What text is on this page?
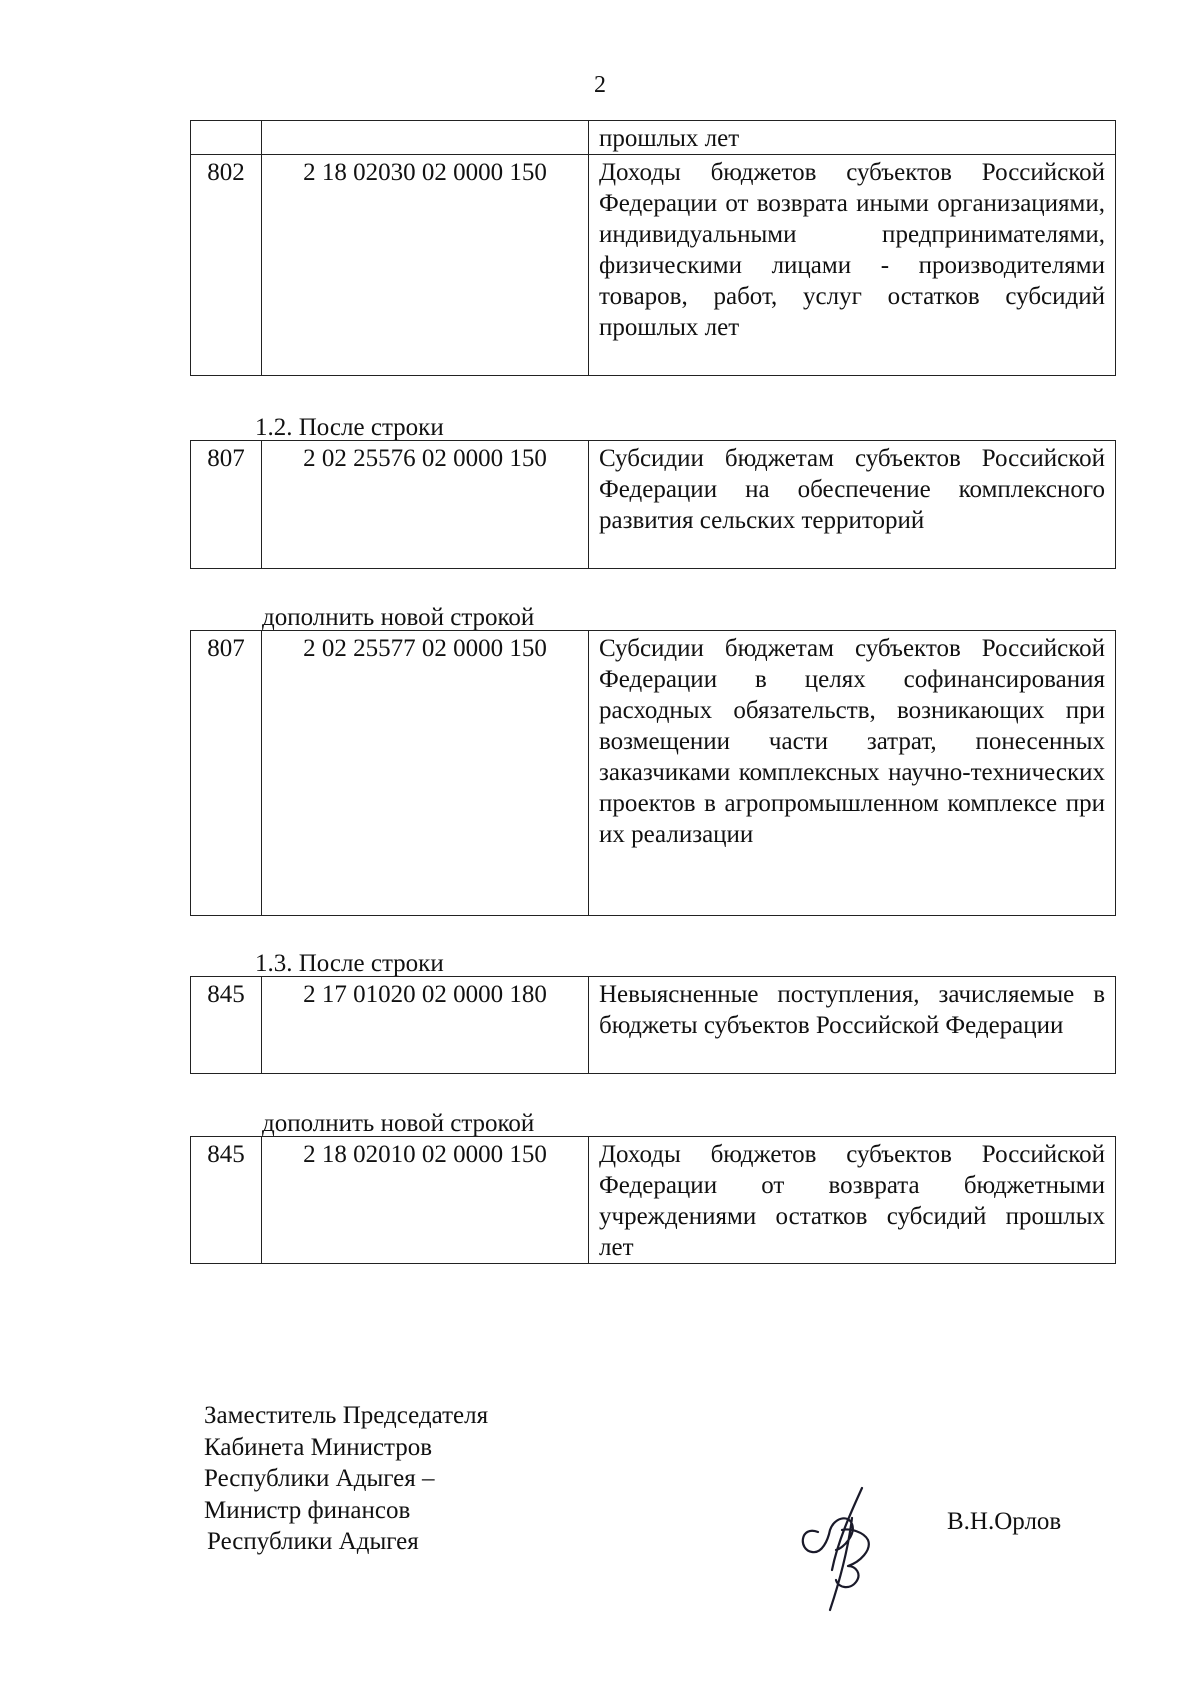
2

		прошлых лет

802	2 18 02030 02 0000 150	Доходы бюджетов субъектов Российской Федерации от возврата иными организациями, индивидуальными предпринимателями, физическими лицами - производителями товаров, работ, услуг остатков субсидий прошлых лет
1.2. После строки
807	2 02 25576 02 0000 150	Субсидии бюджетам субъектов Российской Федерации на обеспечение комплексного развития сельских территорий
дополнить новой строкой
807	2 02 25577 02 0000 150	Субсидии бюджетам субъектов Российской Федерации в целях софинансирования расходных обязательств, возникающих при возмещении части затрат, понесенных заказчиками комплексных научно-технических проектов в агропромышленном комплексе при их реализации
1.3. После строки
845	2 17 01020 02 0000 180	Невыясненные поступления, зачисляемые в бюджеты субъектов Российской Федерации
дополнить новой строкой
845	2 18 02010 02 0000 150	Доходы бюджетов субъектов Российской Федерации от возврата бюджетными учреждениями остатков субсидий прошлых лет
Заместитель Председателя
Кабинета Министров
Республики Адыгея –
Министр финансов
Республики Адыгея
В.Н.Орлов
